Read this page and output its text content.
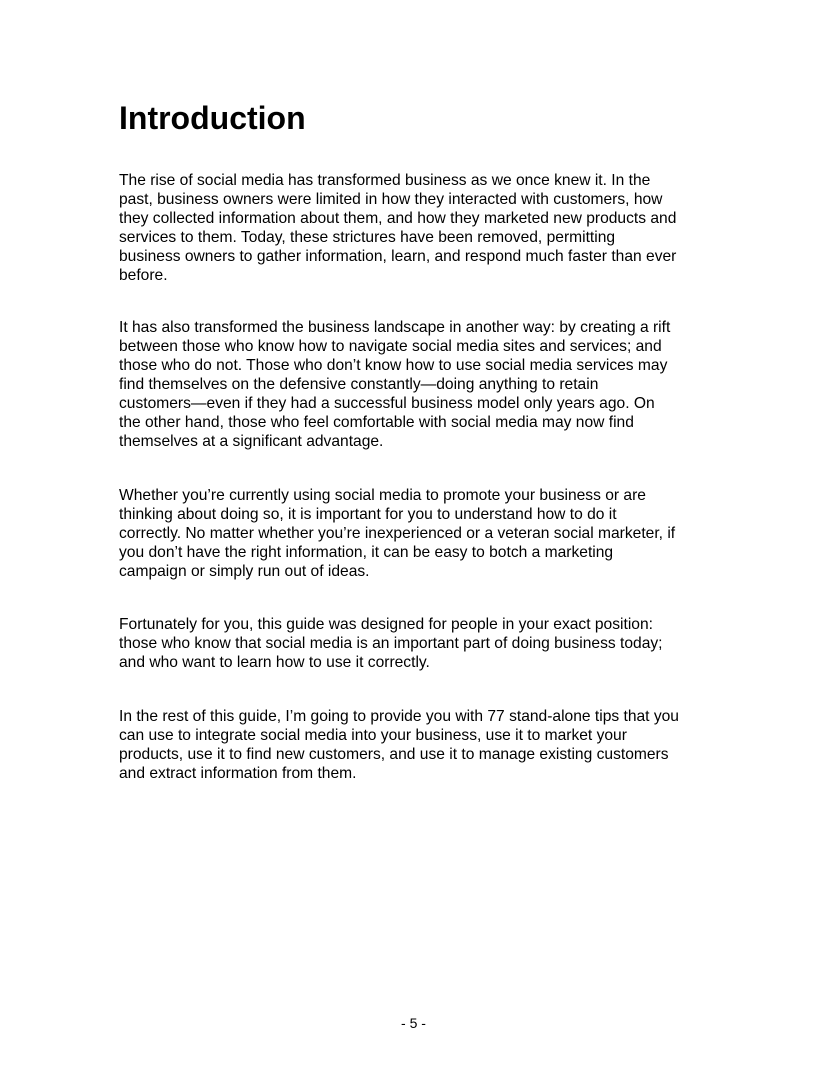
Introduction

The rise of social media has transformed business as we once knew it. In the
past, business owners were limited in how they interacted with customers, how
they collected information about them, and how they marketed new products and
services to them. Today, these strictures have been removed, permitting
business owners to gather information, learn, and respond much faster than ever
before.

It has also transformed the business landscape in another way: by creating a rift
between those who know how to navigate social media sites and services; and
those who do not. Those who don’t know how to use social media services may
find themselves on the defensive constantly—doing anything to retain
customers—even if they had a successful business model only years ago. On
the other hand, those who feel comfortable with social media may now find
themselves at a significant advantage.

Whether you’re currently using social media to promote your business or are
thinking about doing so, it is important for you to understand how to do it
correctly. No matter whether you’re inexperienced or a veteran social marketer, if
you don’t have the right information, it can be easy to botch a marketing
campaign or simply run out of ideas.

Fortunately for you, this guide was designed for people in your exact position:
those who know that social media is an important part of doing business today;
and who want to learn how to use it correctly.

In the rest of this guide, I’m going to provide you with 77 stand-alone tips that you
can use to integrate social media into your business, use it to market your
products, use it to find new customers, and use it to manage existing customers
and extract information from them.

- 5 -
